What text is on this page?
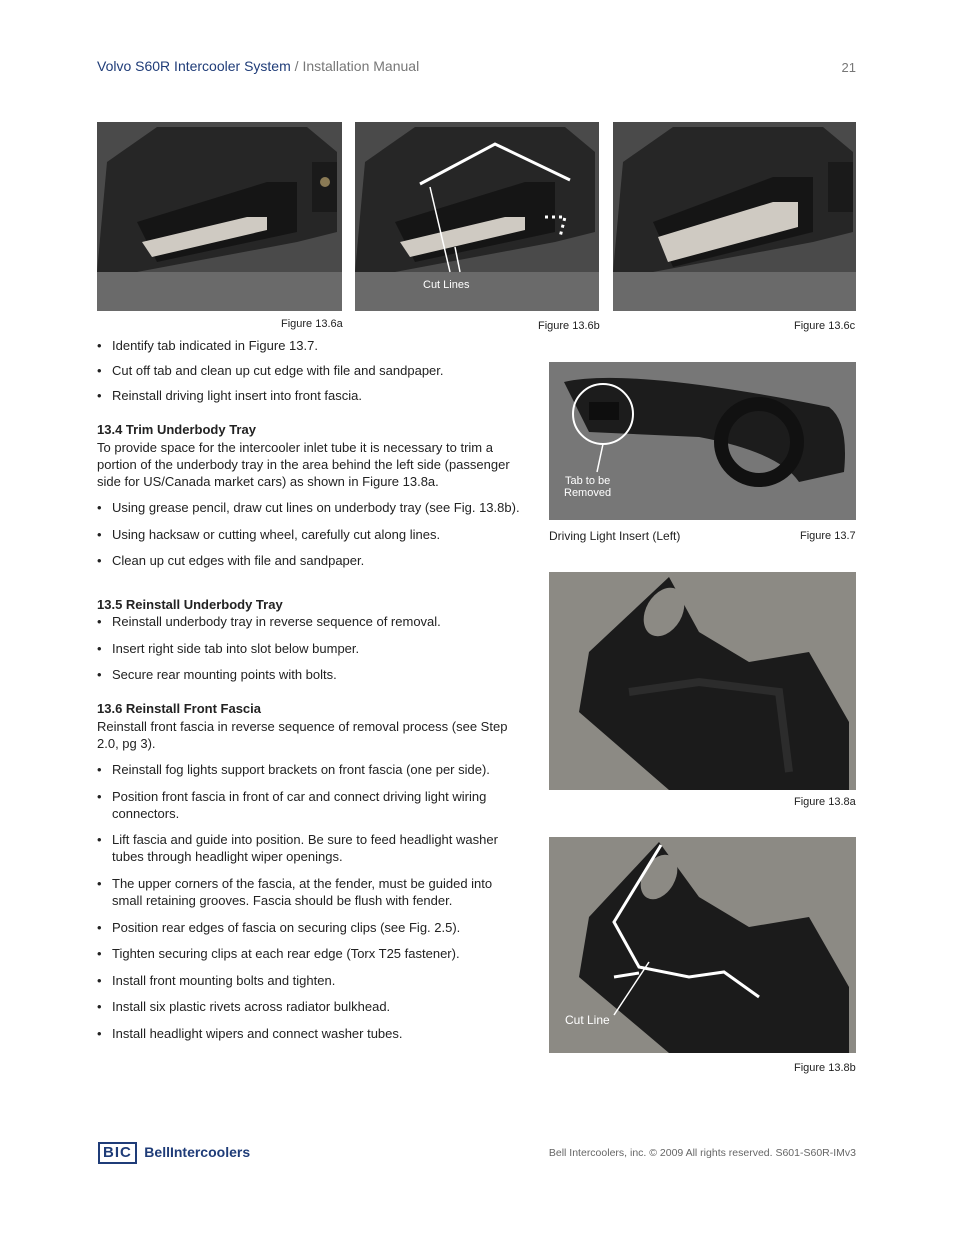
Volvo S60R Intercooler System / Installation Manual	21
Figure 13.6a
Cut Lines
Figure 13.6b	Figure 13.6c
• Identify tab indicated in Figure 13.7.
• Cut off tab and clean up cut edge with file and sandpaper.
• Reinstall driving light insert into front fascia.
Tab to be
Removed
Driving Light Insert (Left)	Figure 13.7
13.4 Trim Underbody Tray
To provide space for the intercooler inlet tube it is necessary to trim a
portion of the underbody tray in the area behind the left side (passenger
side for US/Canada market cars) as shown in Figure 13.8a.
• Using grease pencil, draw cut lines on underbody tray (see Fig. 13.8b).
• Using hacksaw or cutting wheel, carefully cut along lines.
• Clean up cut edges with file and sandpaper.
Figure 13.8a
13.5 Reinstall Underbody Tray
• Reinstall underbody tray in reverse sequence of removal.
• Insert right side tab into slot below bumper.
• Secure rear mounting points with bolts.
13.6 Reinstall Front Fascia
Reinstall front fascia in reverse sequence of removal process (see Step
2.0, pg 3).
• Reinstall fog lights support brackets on front fascia (one per side).
• Position front fascia in front of car and connect driving light wiring
connectors.
• Lift fascia and guide into position. Be sure to feed headlight washer
tubes through headlight wiper openings.
• The upper corners of the fascia, at the fender, must be guided into
small retaining grooves. Fascia should be flush with fender.
• Position rear edges of fascia on securing clips (see Fig. 2.5).
• Tighten securing clips at each rear edge (Torx T25 fastener).
• Install front mounting bolts and tighten.
• Install six plastic rivets across radiator bulkhead.
• Install headlight wipers and connect washer tubes.
Cut Line
Figure 13.8b
BIC BellIntercoolers	Bell Intercoolers, inc. © 2009 All rights reserved. S601-S60R-IMv3
